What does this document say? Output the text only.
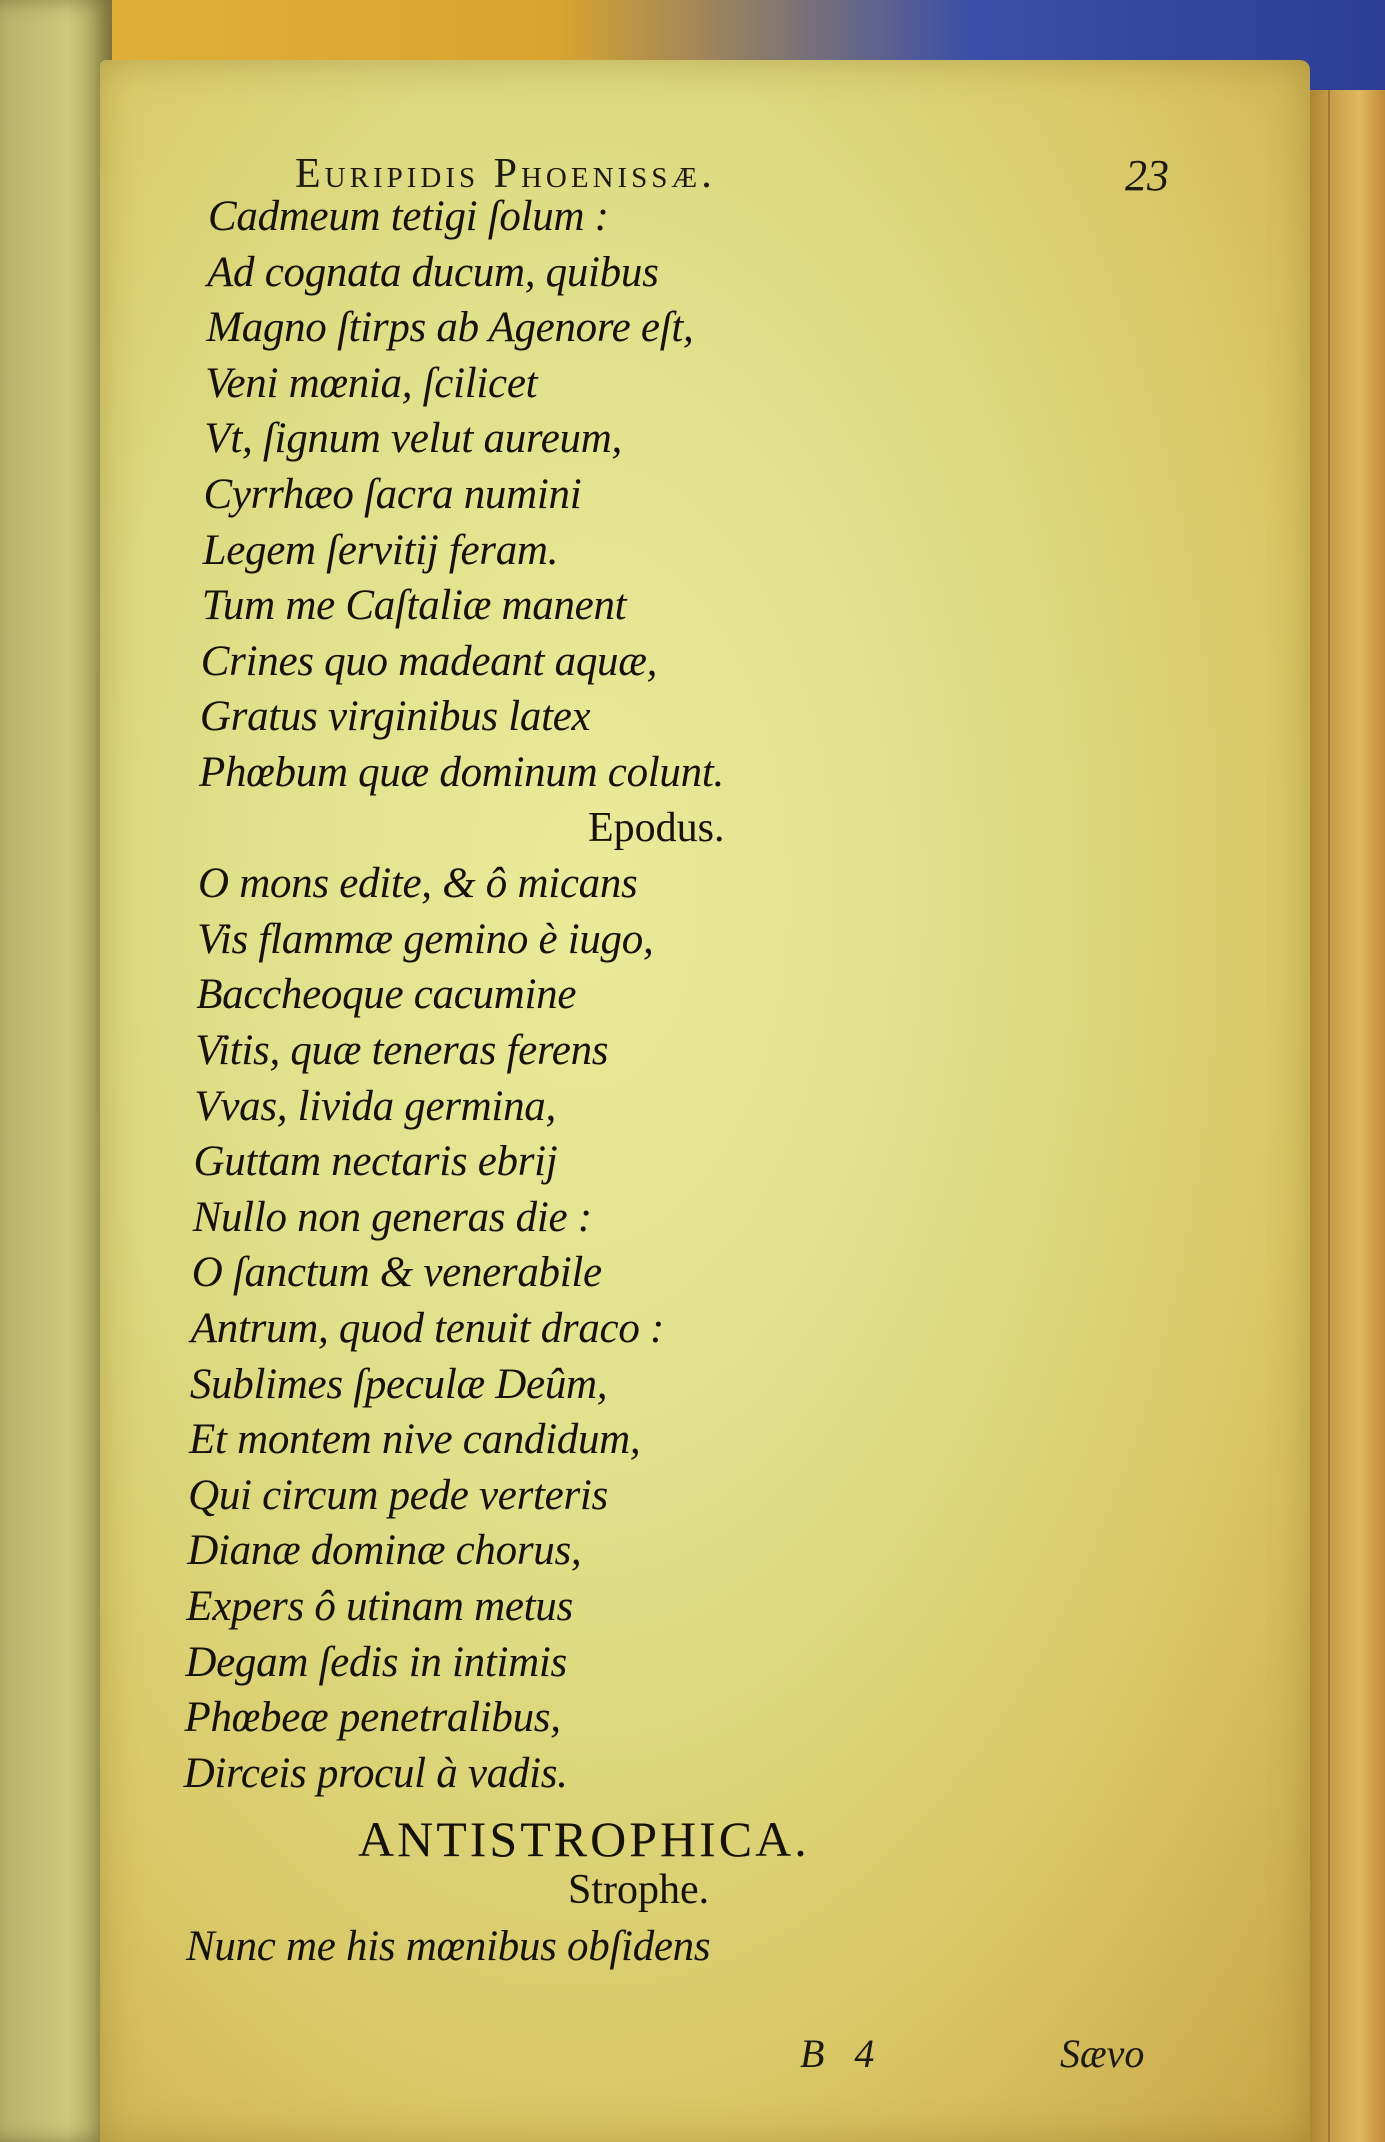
Euripidis Phoenissæ.	23
Cadmeum tetigi ſolum :
Ad cognata ducum, quibus
Magno ſtirps ab Agenore eſt,
Veni mœnia, ſcilicet
Vt, ſignum velut aureum,
Cyrrhæo ſacra numini
Legem ſervitij feram.
Tum me Caſtaliæ manent
Crines quo madeant aquæ,
Gratus virginibus latex
Phœbum quæ dominum colunt.
Epodus.
O mons edite, & ô micans
Vis flammæ gemino è iugo,
Baccheoque cacumine
Vitis, quæ teneras ferens
Vvas, livida germina,
Guttam nectaris ebrij
Nullo non generas die :
O ſanctum & venerabile
Antrum, quod tenuit draco :
Sublimes ſpeculæ Deûm,
Et montem nive candidum,
Qui circum pede verteris
Dianæ dominæ chorus,
Expers ô utinam metus
Degam ſedis in intimis
Phœbeæ penetralibus,
Dirceis procul à vadis.
ANTISTROPHICA.
Strophe.
Nunc me his mœnibus obſidens
B 4	Sævo
